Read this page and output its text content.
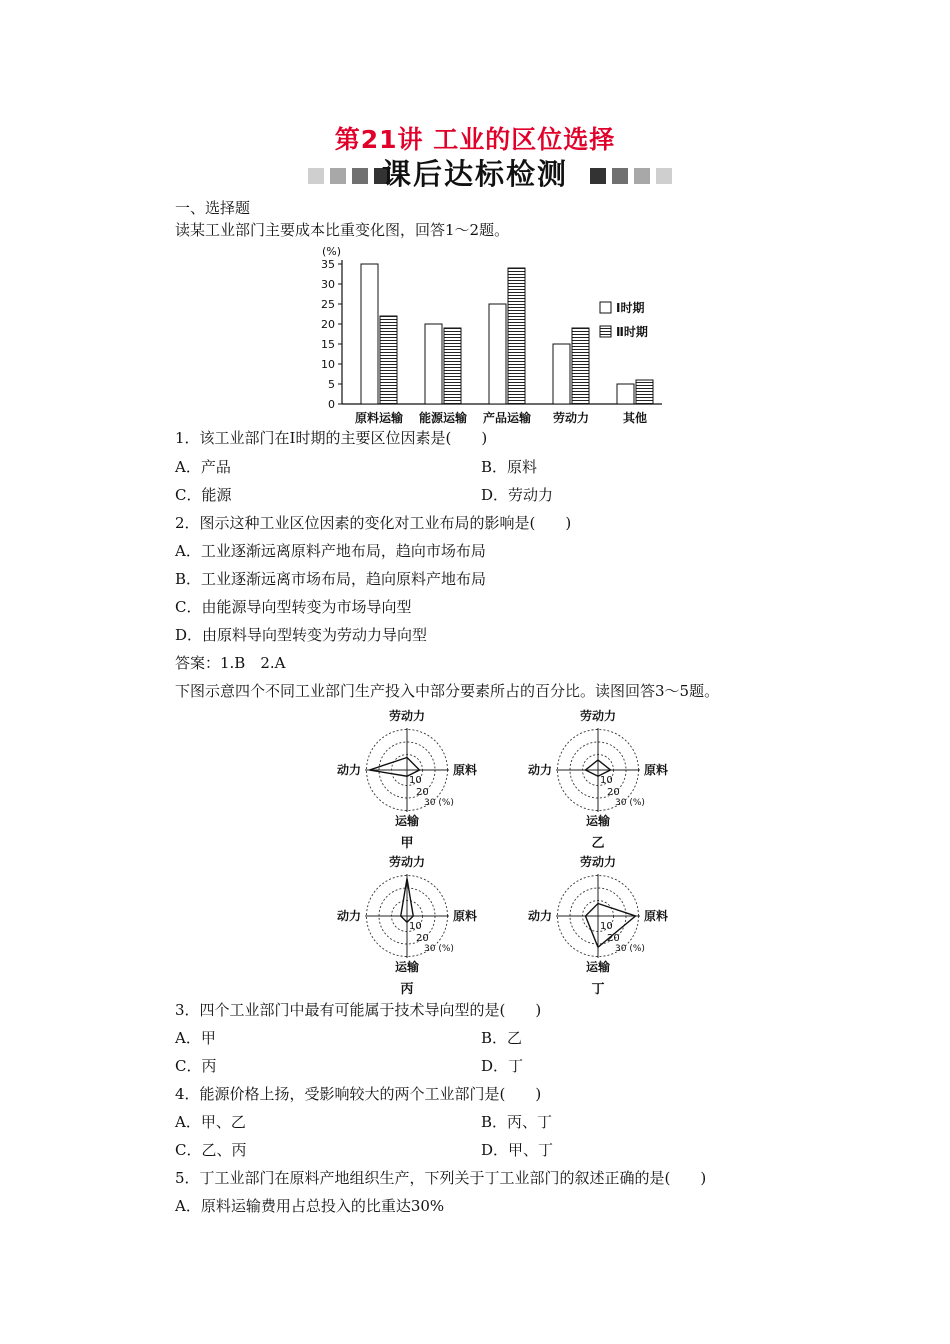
第21讲 工业的区位选择
课后达标检测
一、选择题
读某工业部门主要成本比重变化图，回答1～2题。
(%)
0
5
10
15
20
25
30
35
原料运输 能源运输 产品运输 劳动力	其他
Ⅰ时期
Ⅱ时期
1．该工业部门在Ⅰ时期的主要区位因素是(　　)
A．产品	B．原料
C．能源	D．劳动力
2．图示这种工业区位因素的变化对工业布局的影响是(　　)
A．工业逐渐远离原料产地布局，趋向市场布局
B．工业逐渐远离市场布局，趋向原料产地布局
C．由能源导向型转变为市场导向型
D．由原料导向型转变为劳动力导向型
答案：1.B　2.A
下图示意四个不同工业部门生产投入中部分要素所占的百分比。读图回答3～5题。
劳动力
原料
动力
运输
10
20
30 (%)
甲
劳动力
原料
动力
运输
10
20
30 (%)
乙
劳动力
原料
动力
运输
10
20
30 (%)
丙
劳动力
原料
动力
运输
10
20
30 (%)
丁
3．四个工业部门中最有可能属于技术导向型的是(　　)
A．甲	B．乙
C．丙	D．丁
4．能源价格上扬，受影响较大的两个工业部门是(　　)
A．甲、乙	B．丙、丁
C．乙、丙	D．甲、丁
5．丁工业部门在原料产地组织生产，下列关于丁工业部门的叙述正确的是(　　)
A．原料运输费用占总投入的比重达30%
